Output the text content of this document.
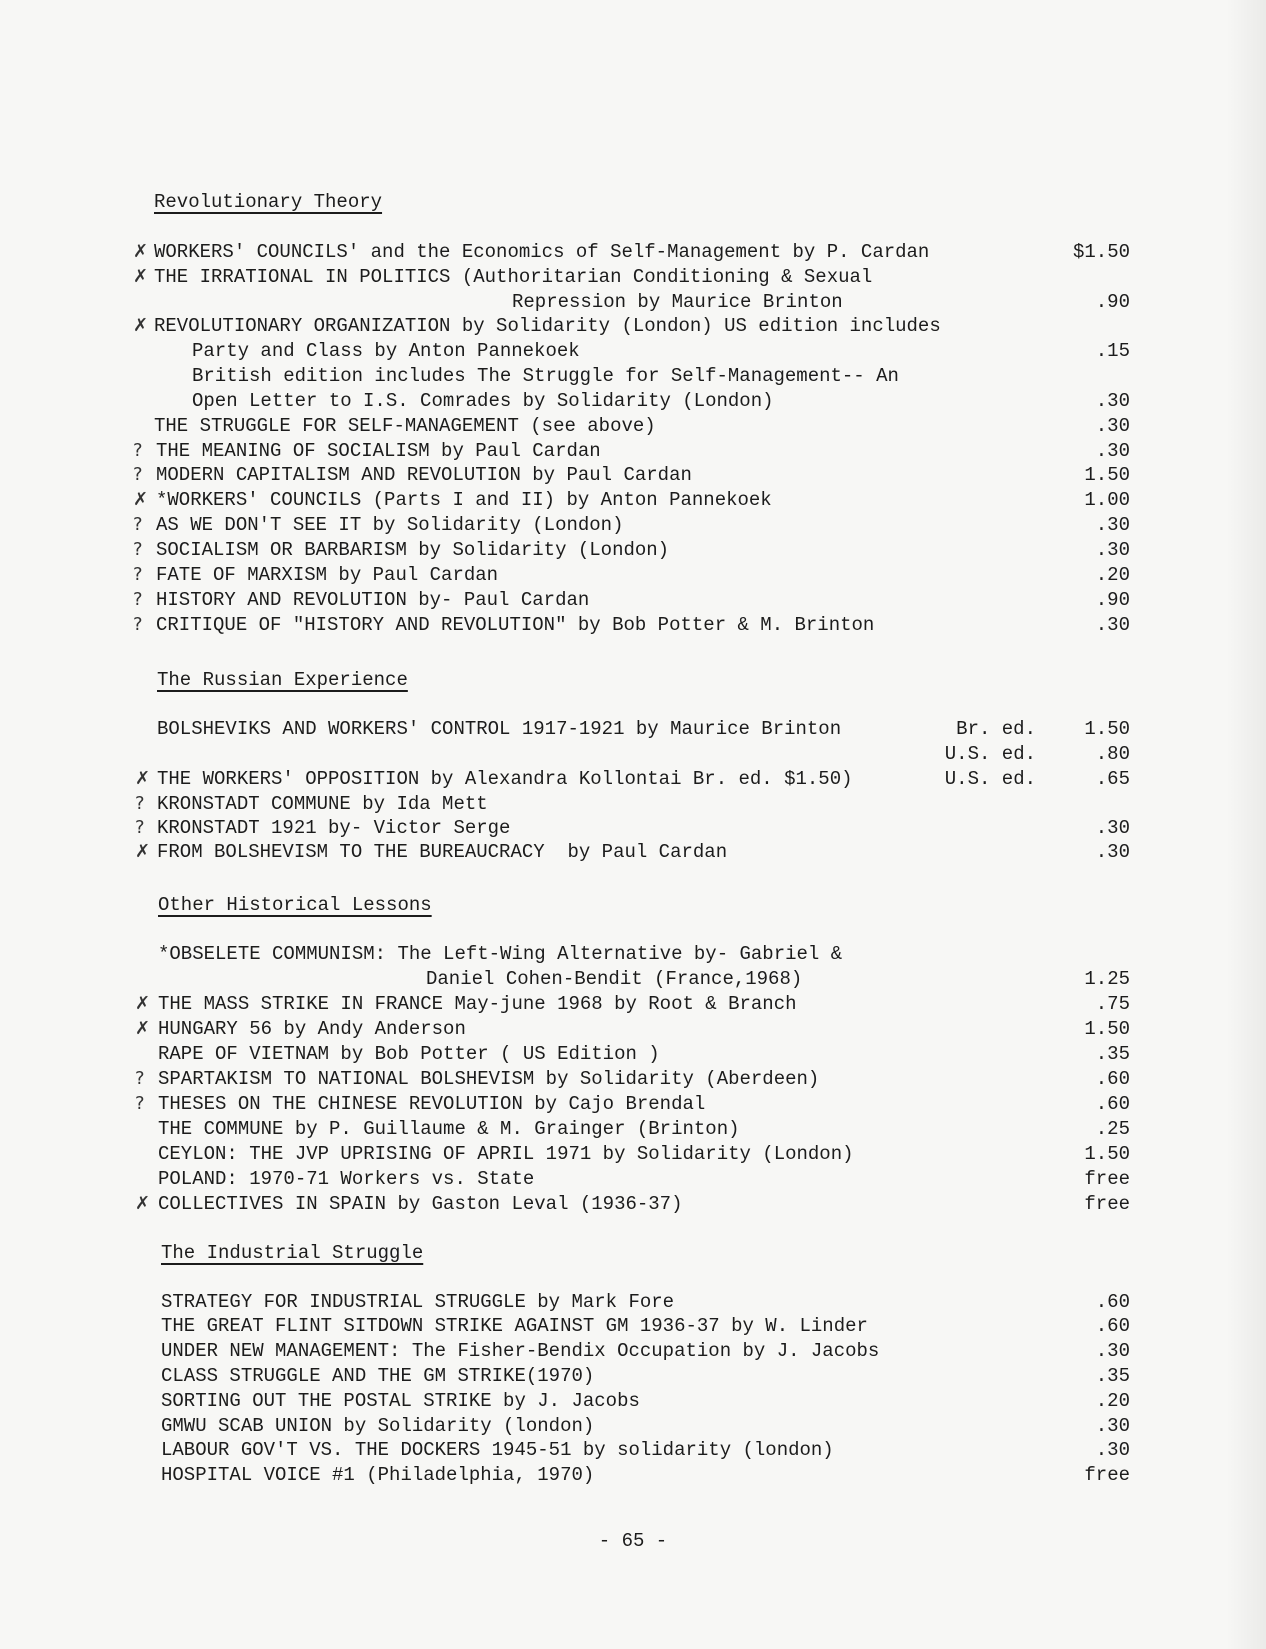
Revolutionary Theory
✗ WORKERS' COUNCILS' and the Economics of Self-Management by P. Cardan	$1.50
✗ THE IRRATIONAL IN POLITICS (Authoritarian Conditioning & Sexual
Repression by Maurice Brinton	.90
✗ REVOLUTIONARY ORGANIZATION by Solidarity (London) US edition includes
Party and Class by Anton Pannekoek	.15
British edition includes The Struggle for Self-Management-- An
Open Letter to I.S. Comrades by Solidarity (London)	.30
THE STRUGGLE FOR SELF-MANAGEMENT (see above)	.30
? THE MEANING OF SOCIALISM by Paul Cardan	.30
? MODERN CAPITALISM AND REVOLUTION by Paul Cardan	1.50
✗ *WORKERS' COUNCILS (Parts I and II) by Anton Pannekoek	1.00
? AS WE DON'T SEE IT by Solidarity (London)	.30
? SOCIALISM OR BARBARISM by Solidarity (London)	.30
? FATE OF MARXISM by Paul Cardan	.20
? HISTORY AND REVOLUTION by- Paul Cardan	.90
? CRITIQUE OF "HISTORY AND REVOLUTION" by Bob Potter & M. Brinton	.30
BOLSHEVIKS AND WORKERS' CONTROL 1917-1921 by Maurice Brinton	Br. ed.	1.50
U.S. ed.	.80
✗ THE WORKERS' OPPOSITION by Alexandra Kollontai Br. ed. $1.50)	U.S. ed.	.65
? KRONSTADT COMMUNE by Ida Mett
? KRONSTADT 1921 by- Victor Serge	.30
✗ FROM BOLSHEVISM TO THE BUREAUCRACY  by Paul Cardan	.30
*OBSELETE COMMUNISM: The Left-Wing Alternative by- Gabriel &
Daniel Cohen-Bendit (France,1968)	1.25
✗ THE MASS STRIKE IN FRANCE May-june 1968 by Root & Branch	.75
✗ HUNGARY 56 by Andy Anderson	1.50
RAPE OF VIETNAM by Bob Potter ( US Edition )	.35
? SPARTAKISM TO NATIONAL BOLSHEVISM by Solidarity (Aberdeen)	.60
? THESES ON THE CHINESE REVOLUTION by Cajo Brendal	.60
THE COMMUNE by P. Guillaume & M. Grainger (Brinton)	.25
CEYLON: THE JVP UPRISING OF APRIL 1971 by Solidarity (London)	1.50
POLAND: 1970-71 Workers vs. State	free
✗ COLLECTIVES IN SPAIN by Gaston Leval (1936-37)	free
STRATEGY FOR INDUSTRIAL STRUGGLE by Mark Fore	.60
THE GREAT FLINT SITDOWN STRIKE AGAINST GM 1936-37 by W. Linder	.60
UNDER NEW MANAGEMENT: The Fisher-Bendix Occupation by J. Jacobs	.30
CLASS STRUGGLE AND THE GM STRIKE(1970)	.35
SORTING OUT THE POSTAL STRIKE by J. Jacobs	.20
GMWU SCAB UNION by Solidarity (london)	.30
LABOUR GOV'T VS. THE DOCKERS 1945-51 by solidarity (london)	.30
HOSPITAL VOICE #1 (Philadelphia, 1970)	free
The Russian Experience
Other Historical Lessons
The Industrial Struggle
- 65 -
